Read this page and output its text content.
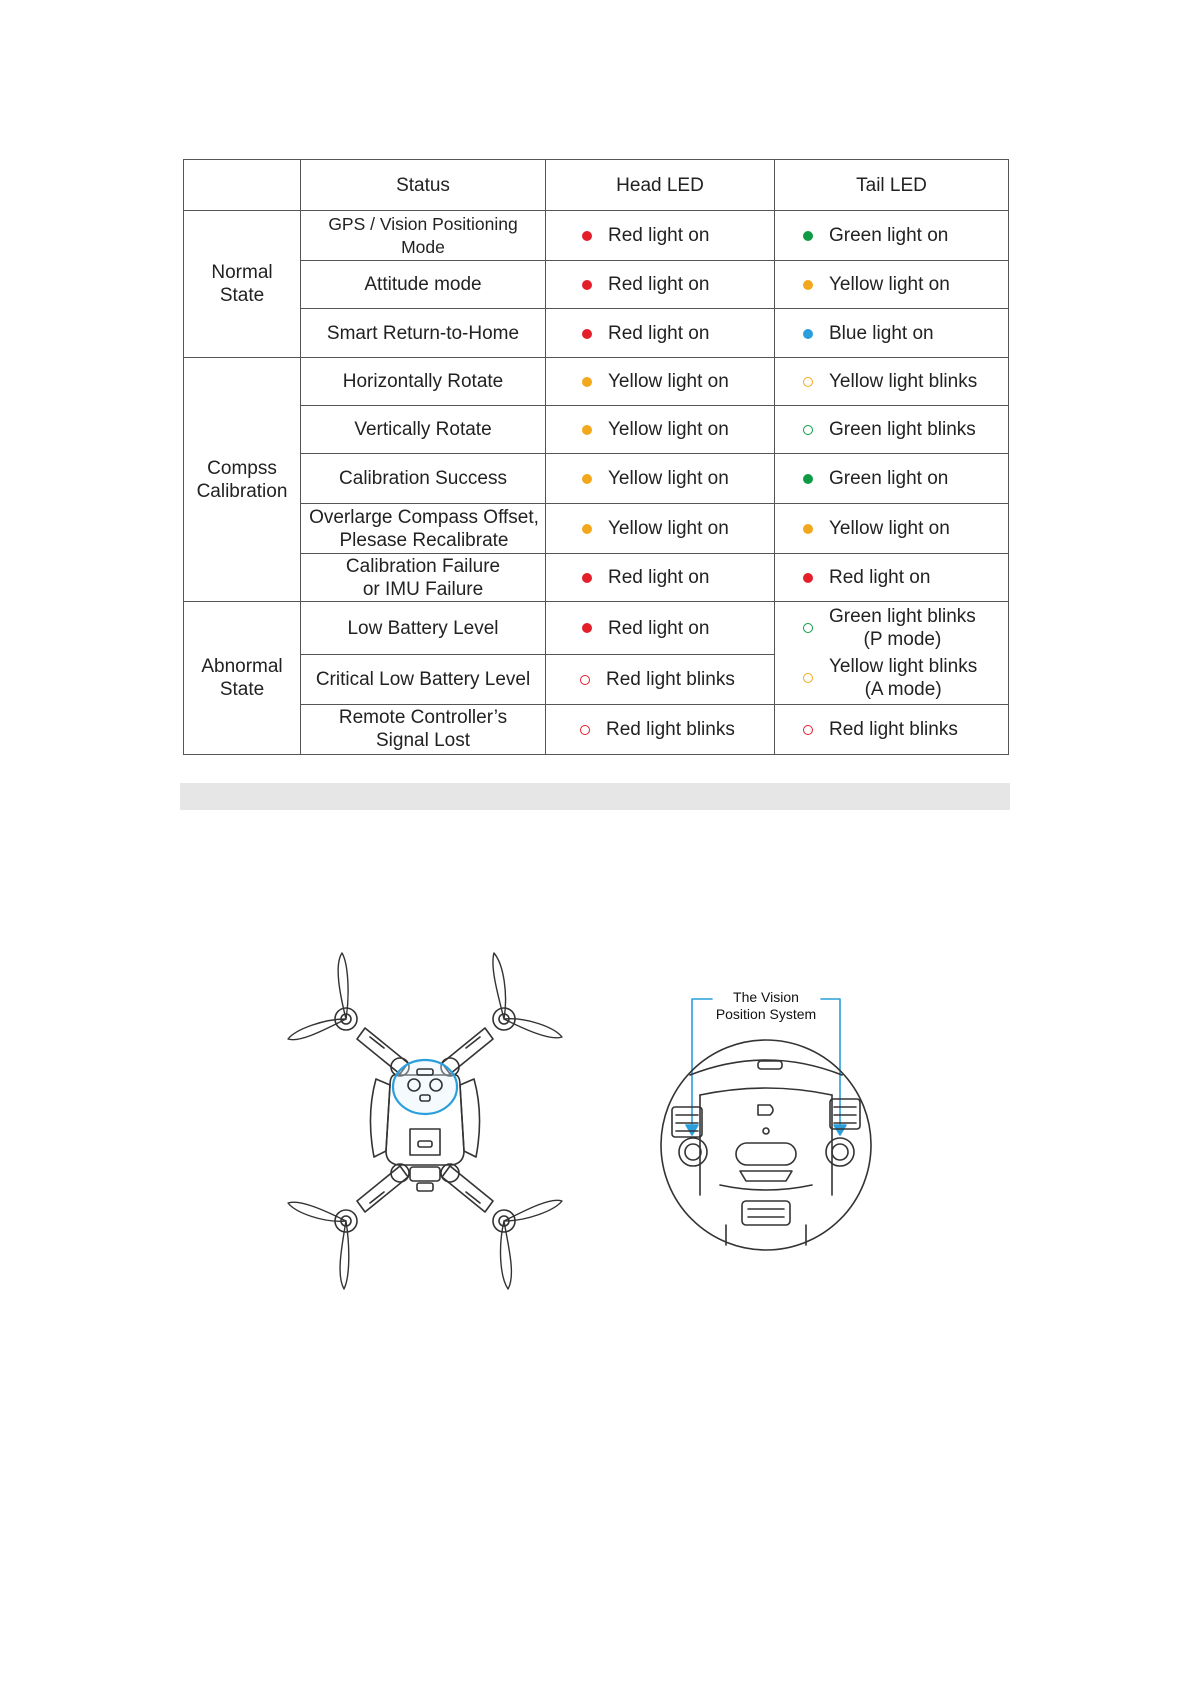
	Status	Head LED	Tail LED
Normal State	GPS / Vision Positioning Mode	Red light on	Green light on
	Attitude mode	Red light on	Yellow light on
	Smart Return-to-Home	Red light on	Blue light on
Compss Calibration	Horizontally Rotate	Yellow light on	Yellow light blinks
	Vertically Rotate	Yellow light on	Green light blinks
	Calibration Success	Yellow light on	Green light on
	Overlarge Compass Offset, Plesase Recalibrate	Yellow light on	Yellow light on
	Calibration Failure or IMU Failure	Red light on	Red light on
Abnormal State	Low Battery Level	Red light on	Green light blinks
(P mode)
Yellow light blinks
(A mode)

	Critical Low Battery Level	Red light blinks	
	Remote Controller’s Signal Lost	Red light blinks	Red light blinks
The Vision
Position System
